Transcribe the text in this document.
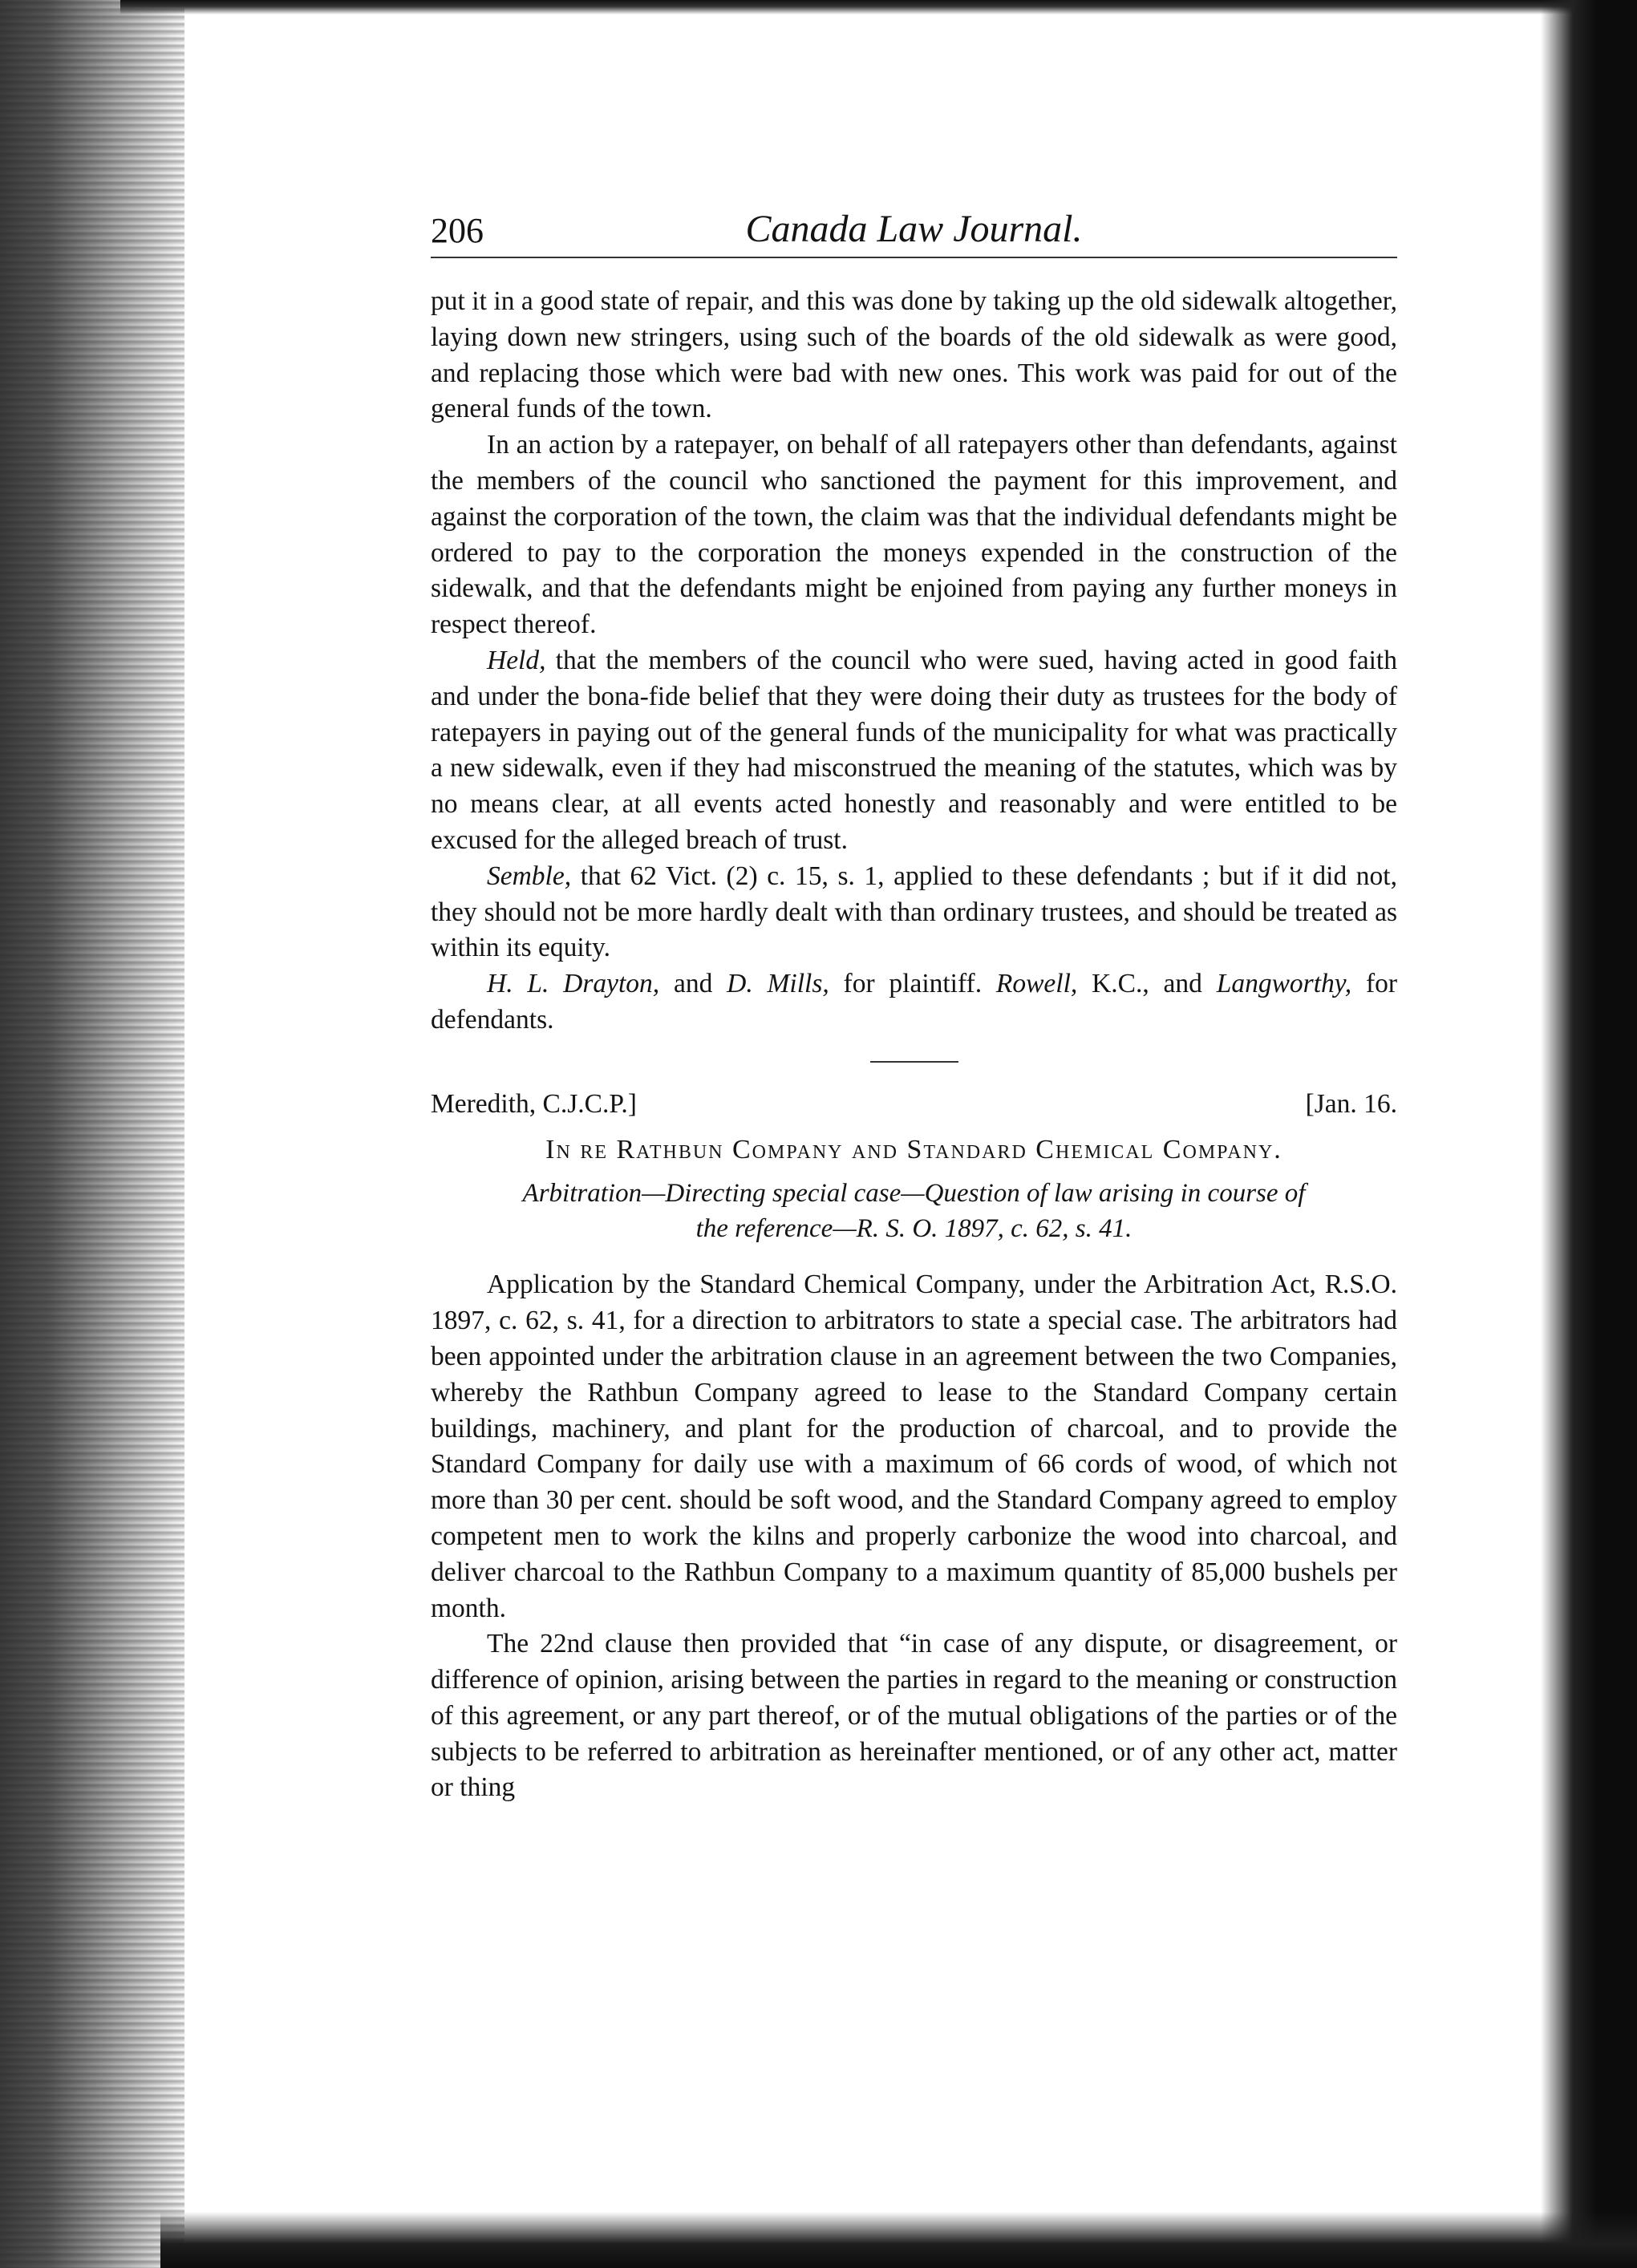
206	Canada Law Journal.

put it in a good state of repair, and this was done by taking up the old sidewalk altogether, laying down new stringers, using such of the boards of the old sidewalk as were good, and replacing those which were bad with new ones. This work was paid for out of the general funds of the town.

In an action by a ratepayer, on behalf of all ratepayers other than defendants, against the members of the council who sanctioned the payment for this improvement, and against the corporation of the town, the claim was that the individual defendants might be ordered to pay to the corporation the moneys expended in the construction of the sidewalk, and that the defendants might be enjoined from paying any further moneys in respect thereof.

Held, that the members of the council who were sued, having acted in good faith and under the bona-fide belief that they were doing their duty as trustees for the body of ratepayers in paying out of the general funds of the municipality for what was practically a new sidewalk, even if they had misconstrued the meaning of the statutes, which was by no means clear, at all events acted honestly and reasonably and were entitled to be excused for the alleged breach of trust.

Semble, that 62 Vict. (2) c. 15, s. 1, applied to these defendants ; but if it did not, they should not be more hardly dealt with than ordinary trustees, and should be treated as within its equity.

H. L. Drayton, and D. Mills, for plaintiff. Rowell, K.C., and Langworthy, for defendants.

Meredith, C.J.C.P.]	[Jan. 16.
In re Rathbun Company and Standard Chemical Company.
Arbitration—Directing special case—Question of law arising in course of
the reference—R. S. O. 1897, c. 62, s. 41.

Application by the Standard Chemical Company, under the Arbitration Act, R.S.O. 1897, c. 62, s. 41, for a direction to arbitrators to state a special case. The arbitrators had been appointed under the arbitration clause in an agreement between the two Companies, whereby the Rathbun Company agreed to lease to the Standard Company certain buildings, machinery, and plant for the production of charcoal, and to provide the Standard Company for daily use with a maximum of 66 cords of wood, of which not more than 30 per cent. should be soft wood, and the Standard Company agreed to employ competent men to work the kilns and properly carbonize the wood into charcoal, and deliver charcoal to the Rathbun Company to a maximum quantity of 85,000 bushels per month.

The 22nd clause then provided that “in case of any dispute, or disagreement, or difference of opinion, arising between the parties in regard to the meaning or construction of this agreement, or any part thereof, or of the mutual obligations of the parties or of the subjects to be referred to arbitration as hereinafter mentioned, or of any other act, matter or thing
